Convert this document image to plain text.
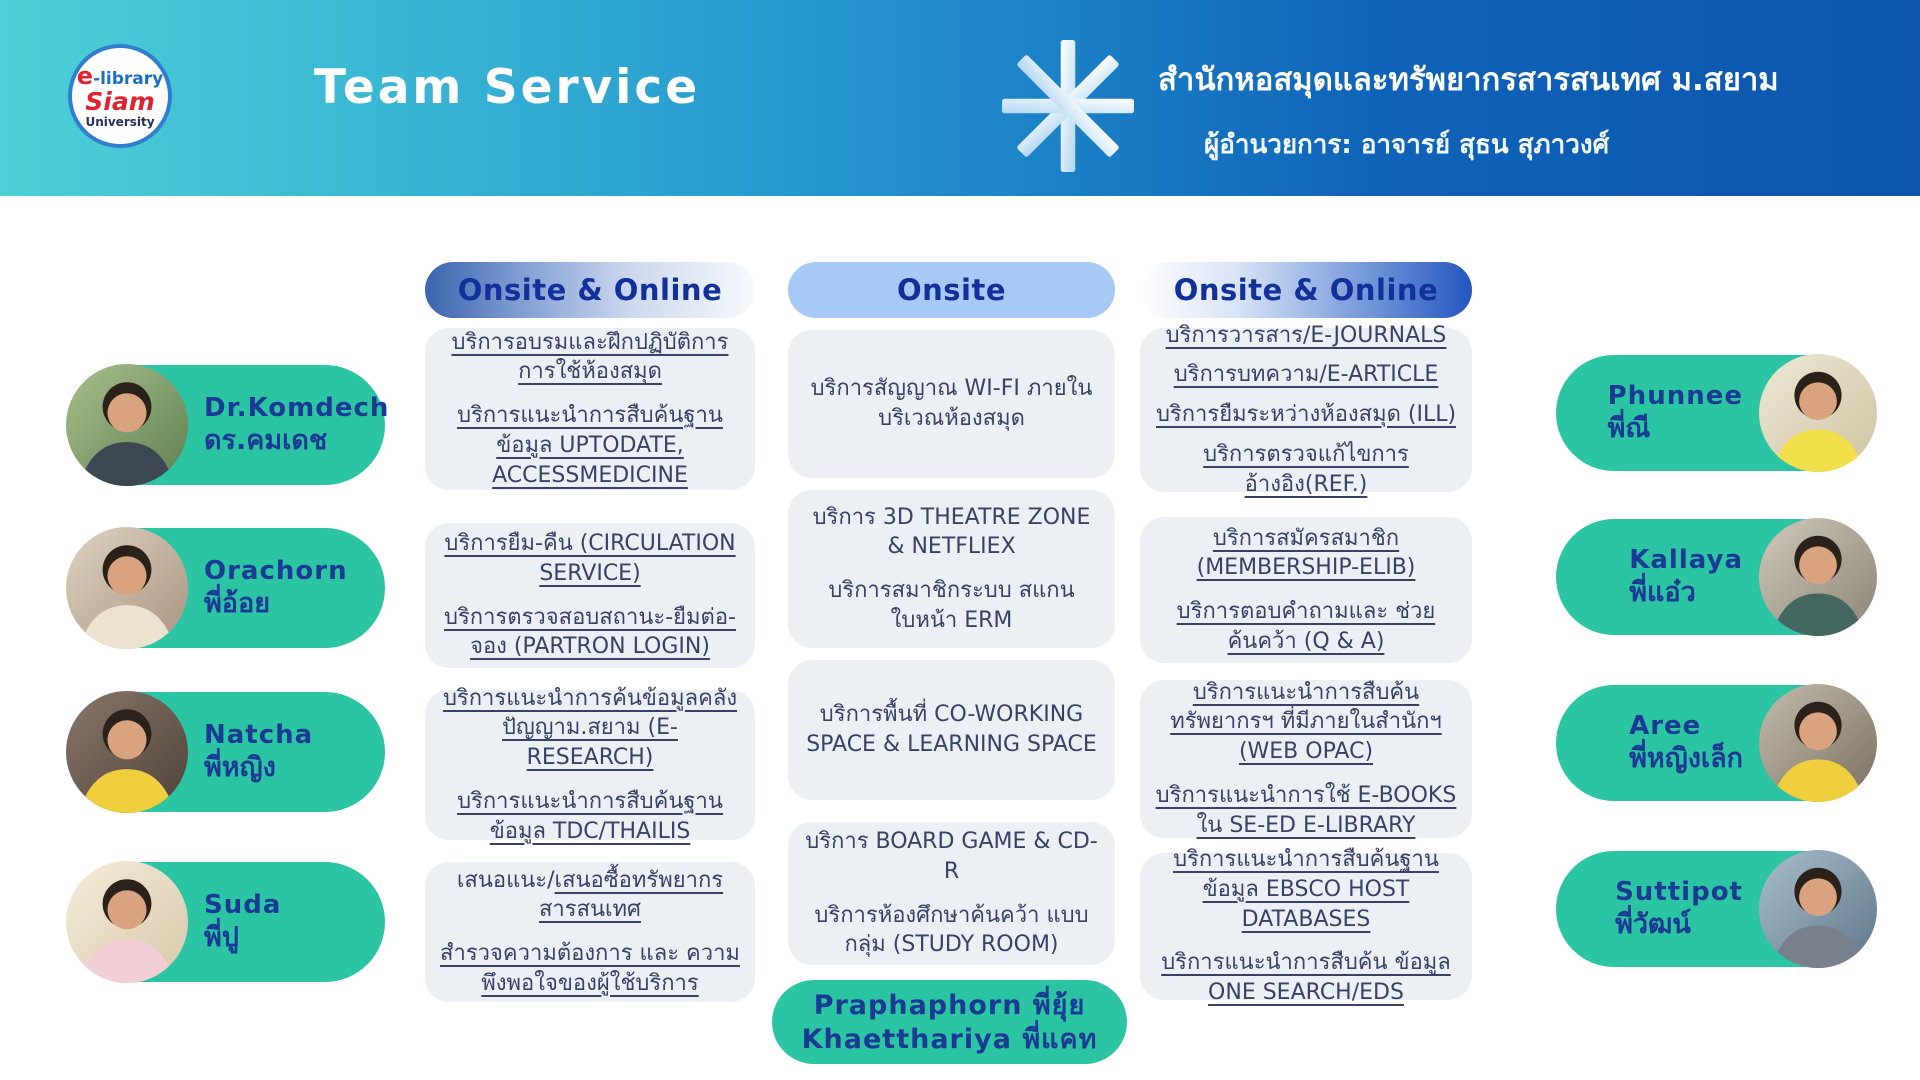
e-library
Siam
University
Team Service	สำนักหอสมุดและทรัพยากรสารสนเทศ ม.สยาม
ผู้อำนวยการ: อาจารย์ สุธน สุภาวงศ์
Onsite & Online	Onsite	Onsite & Online
Dr.Komdech
ดร.คมเดช
Orachorn
พี่อ้อย
Natcha
พี่หญิง
Suda
พี่ปู
บริการอบรมและฝึกปฏิบัติการ การใช้ห้องสมุด
บริการแนะนำการสืบค้นฐานข้อมูล UPTODATE, ACCESSMEDICINE
บริการยืม-คืน (CIRCULATION SERVICE)
บริการตรวจสอบสถานะ-ยืมต่อ- จอง (PARTRON LOGIN)
บริการแนะนำการค้นข้อมูลคลัง ปัญญาม.สยาม (E-RESEARCH)
บริการแนะนำการสืบค้นฐาน ข้อมูล TDC/THAILIS
เสนอแนะ/เสนอซื้อทรัพยากร สารสนเทศ
สำรวจความต้องการ และ ความพึงพอใจของผู้ใช้บริการ
บริการสัญญาณ WI-FI ภายในบริเวณห้องสมุด
บริการ 3D THEATRE ZONE & NETFLIEX
บริการสมาชิกระบบ สแกนใบหน้า ERM
บริการพื้นที่ CO-WORKING SPACE & LEARNING SPACE
บริการ BOARD GAME & CD-R
บริการห้องศึกษาค้นคว้า แบบกลุ่ม (STUDY ROOM)
บริการวารสาร/E-JOURNALS
บริการบทความ/E-ARTICLE
บริการยืมระหว่างห้องสมุด (ILL)
บริการตรวจแก้ไขการอ้างอิง(REF.)
บริการสมัครสมาชิก (MEMBERSHIP-ELIB)
บริการตอบคำถามและ ช่วยค้นคว้า (Q & A)
บริการแนะนำการสืบค้นทรัพยากรฯ ที่มีภายในสำนักฯ (WEB OPAC)
บริการแนะนำการใช้ E-BOOKS ใน SE-ED E-LIBRARY
บริการแนะนำการสืบค้นฐานข้อมูล EBSCO HOST DATABASES
บริการแนะนำการสืบค้น ข้อมูล ONE SEARCH/EDS
Phunnee
พี่ณี
Kallaya
พี่แอ๋ว
Aree
พี่หญิงเล็ก
Suttipot
พี่วัฒน์
Praphaphorn พี่ยุ้ย
Khaetthariya พี่แคท
